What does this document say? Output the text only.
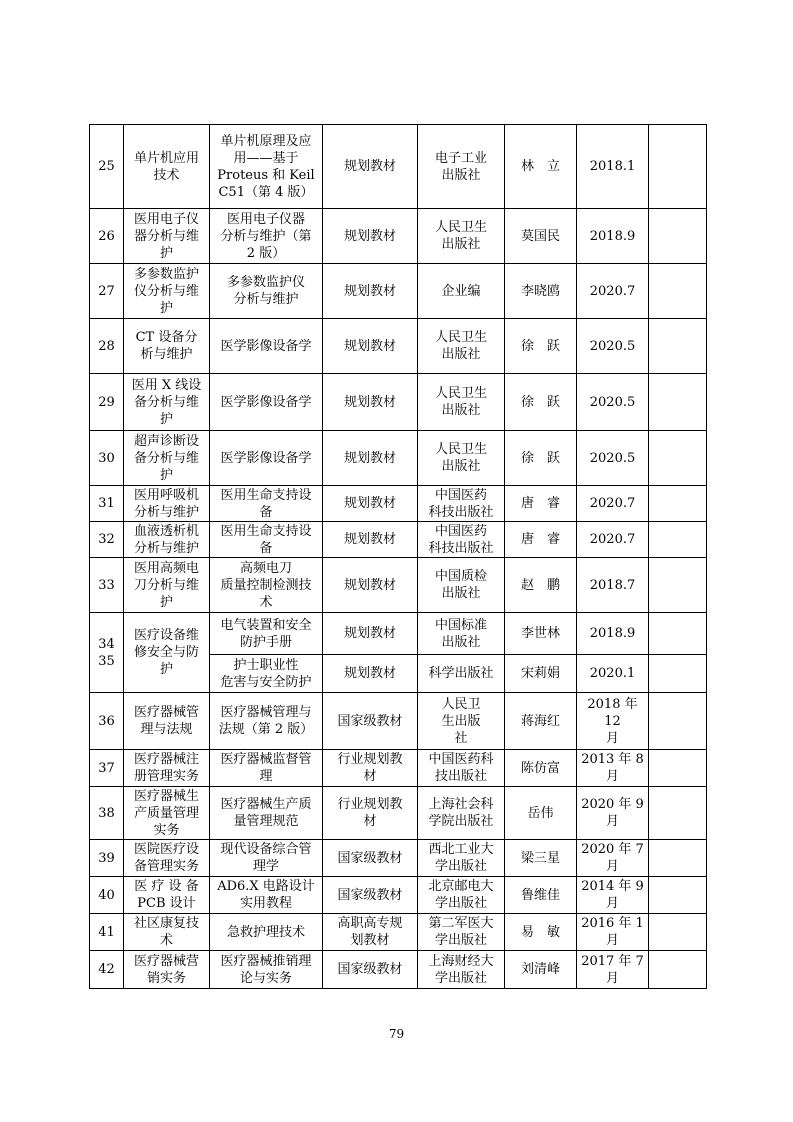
25	单片机应用
技术	单片机原理及应
用——基于
Proteus 和 Keil
C51（第 4 版）	规划教材	电子工业
出版社	林　立	2018.1	
26	医用电子仪
器分析与维
护	医用电子仪器
分析与维护（第
2 版）	规划教材	人民卫生
出版社	莫国民	2018.9	
27	多参数监护
仪分析与维
护	多参数监护仪
分析与维护	规划教材	企业编	李晓鸥	2020.7	
28	CT 设备分
析与维护	医学影像设备学	规划教材	人民卫生
出版社	徐　跃	2020.5	
29	医用 X 线设
备分析与维
护	医学影像设备学	规划教材	人民卫生
出版社	徐　跃	2020.5	
30	超声诊断设
备分析与维
护	医学影像设备学	规划教材	人民卫生
出版社	徐　跃	2020.5	
31	医用呼吸机
分析与维护	医用生命支持设
备	规划教材	中国医药
科技出版社	唐　睿	2020.7	
32	血液透析机
分析与维护	医用生命支持设
备	规划教材	中国医药
科技出版社	唐　睿	2020.7	
33	医用高频电
刀分析与维
护	高频电刀
质量控制检测技
术	规划教材	中国质检
出版社	赵　鹏	2018.7	
34
35	医疗设备维
修安全与防
护	电气装置和安全
防护手册	规划教材	中国标准
出版社	李世林	2018.9	
		护士职业性
危害与安全防护	规划教材	科学出版社	宋莉娟	2020.1	
36	医疗器械管
理与法规	医疗器械管理与
法规（第 2 版）	国家级教材	人民卫
生出版
社	蒋海红	2018 年 12
月	
37	医疗器械注
册管理实务	医疗器械监督管
理	行业规划教
材	中国医药科
技出版社	陈仿富	2013 年 8
月	
38	医疗器械生
产质量管理
实务	医疗器械生产质
量管理规范	行业规划教
材	上海社会科
学院出版社	岳伟	2020 年 9
月	
39	医院医疗设
备管理实务	现代设备综合管
理学	国家级教材	西北工业大
学出版社	梁三星	2020 年 7
月	
40	医 疗 设 备
PCB 设计	AD6.X 电路设计
实用教程	国家级教材	北京邮电大
学出版社	鲁维佳	2014 年 9
月	
41	社区康复技
术	急救护理技术	高职高专规
划教材	第二军医大
学出版社	易　敏	2016 年 1
月	
42	医疗器械营
销实务	医疗器械推销理
论与实务	国家级教材	上海财经大
学出版社	刘清峰	2017 年 7
月	
79
